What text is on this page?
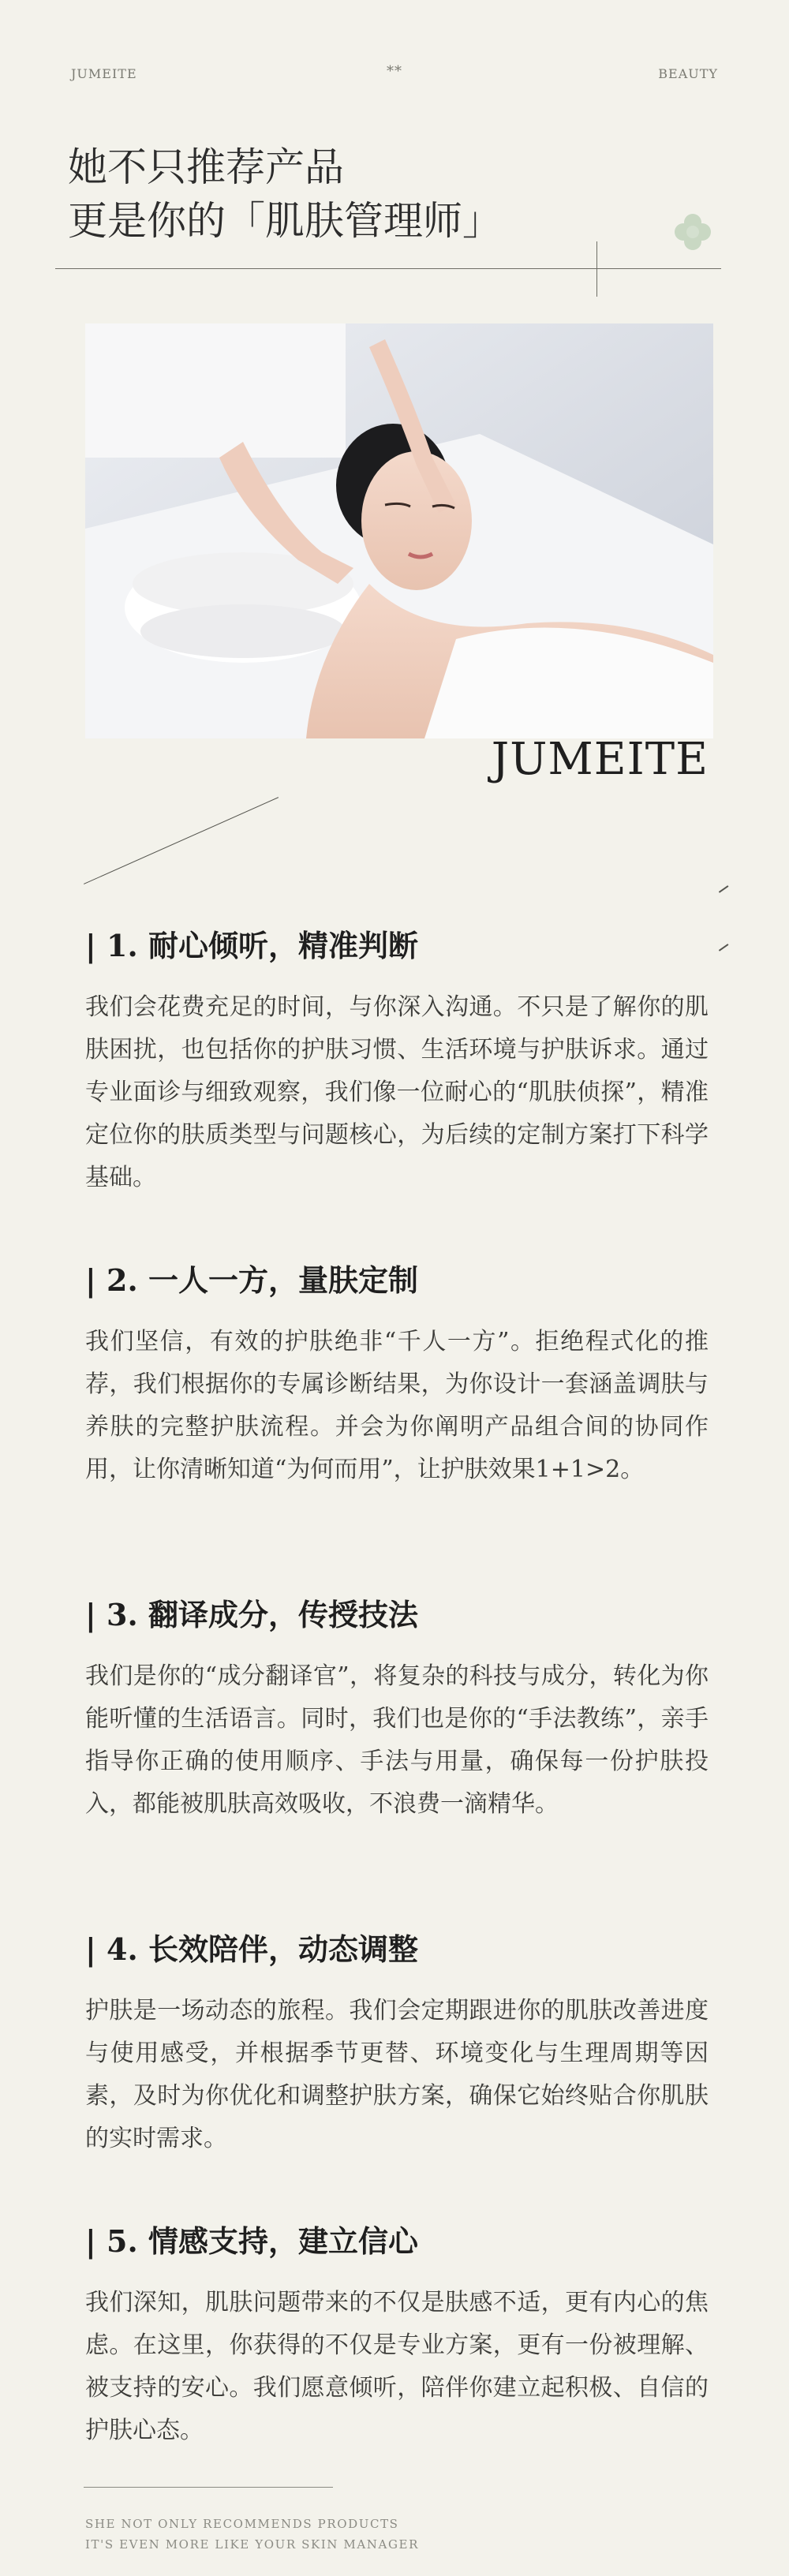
JUMEITE	**	BEAUTY
她不只推荐产品
更是你的「肌肤管理师」
JUMEITE
| 1. 耐心倾听，精准判断

我们会花费充足的时间，与你深入沟通。不只是了解你的肌肤困扰，也包括你的护肤习惯、生活环境与护肤诉求。通过专业面诊与细致观察，我们像一位耐心的“肌肤侦探”，精准定位你的肤质类型与问题核心，为后续的定制方案打下科学基础。

| 2. 一人一方，量肤定制

我们坚信，有效的护肤绝非“千人一方”。拒绝程式化的推荐，我们根据你的专属诊断结果，为你设计一套涵盖调肤与养肤的完整护肤流程。并会为你阐明产品组合间的协同作用，让你清晰知道“为何而用”，让护肤效果1+1>2。

| 3. 翻译成分，传授技法

我们是你的“成分翻译官”，将复杂的科技与成分，转化为你能听懂的生活语言。同时，我们也是你的“手法教练”，亲手指导你正确的使用顺序、手法与用量，确保每一份护肤投入，都能被肌肤高效吸收，不浪费一滴精华。

| 4. 长效陪伴，动态调整

护肤是一场动态的旅程。我们会定期跟进你的肌肤改善进度与使用感受，并根据季节更替、环境变化与生理周期等因素，及时为你优化和调整护肤方案，确保它始终贴合你肌肤的实时需求。

| 5. 情感支持，建立信心

我们深知，肌肤问题带来的不仅是肤感不适，更有内心的焦虑。在这里，你获得的不仅是专业方案，更有一份被理解、被支持的安心。我们愿意倾听，陪伴你建立起积极、自信的护肤心态。

SHE NOT ONLY RECOMMENDS PRODUCTS
IT'S EVEN MORE LIKE YOUR SKIN MANAGER
